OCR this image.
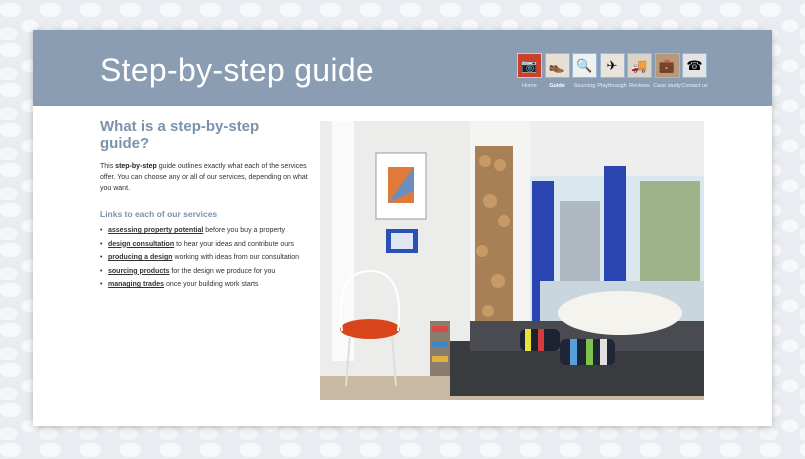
Step-by-step guide	📷
Home
👞
Guide
🔍
Sourcing
✈
Playthrough
🚚
Reviews
💼
Case study
☎
Contact us
What is a step-by-step guide?

This step-by-step guide outlines exactly what each of the services offer. You can choose any or all of our services, depending on what you want.

Links to each of our services
• assessing property potential before you buy a property
• design consultation to hear your ideas and contribute ours
• producing a design working with ideas from our consultation
• sourcing products for the design we produce for you
• managing trades once your building work starts
